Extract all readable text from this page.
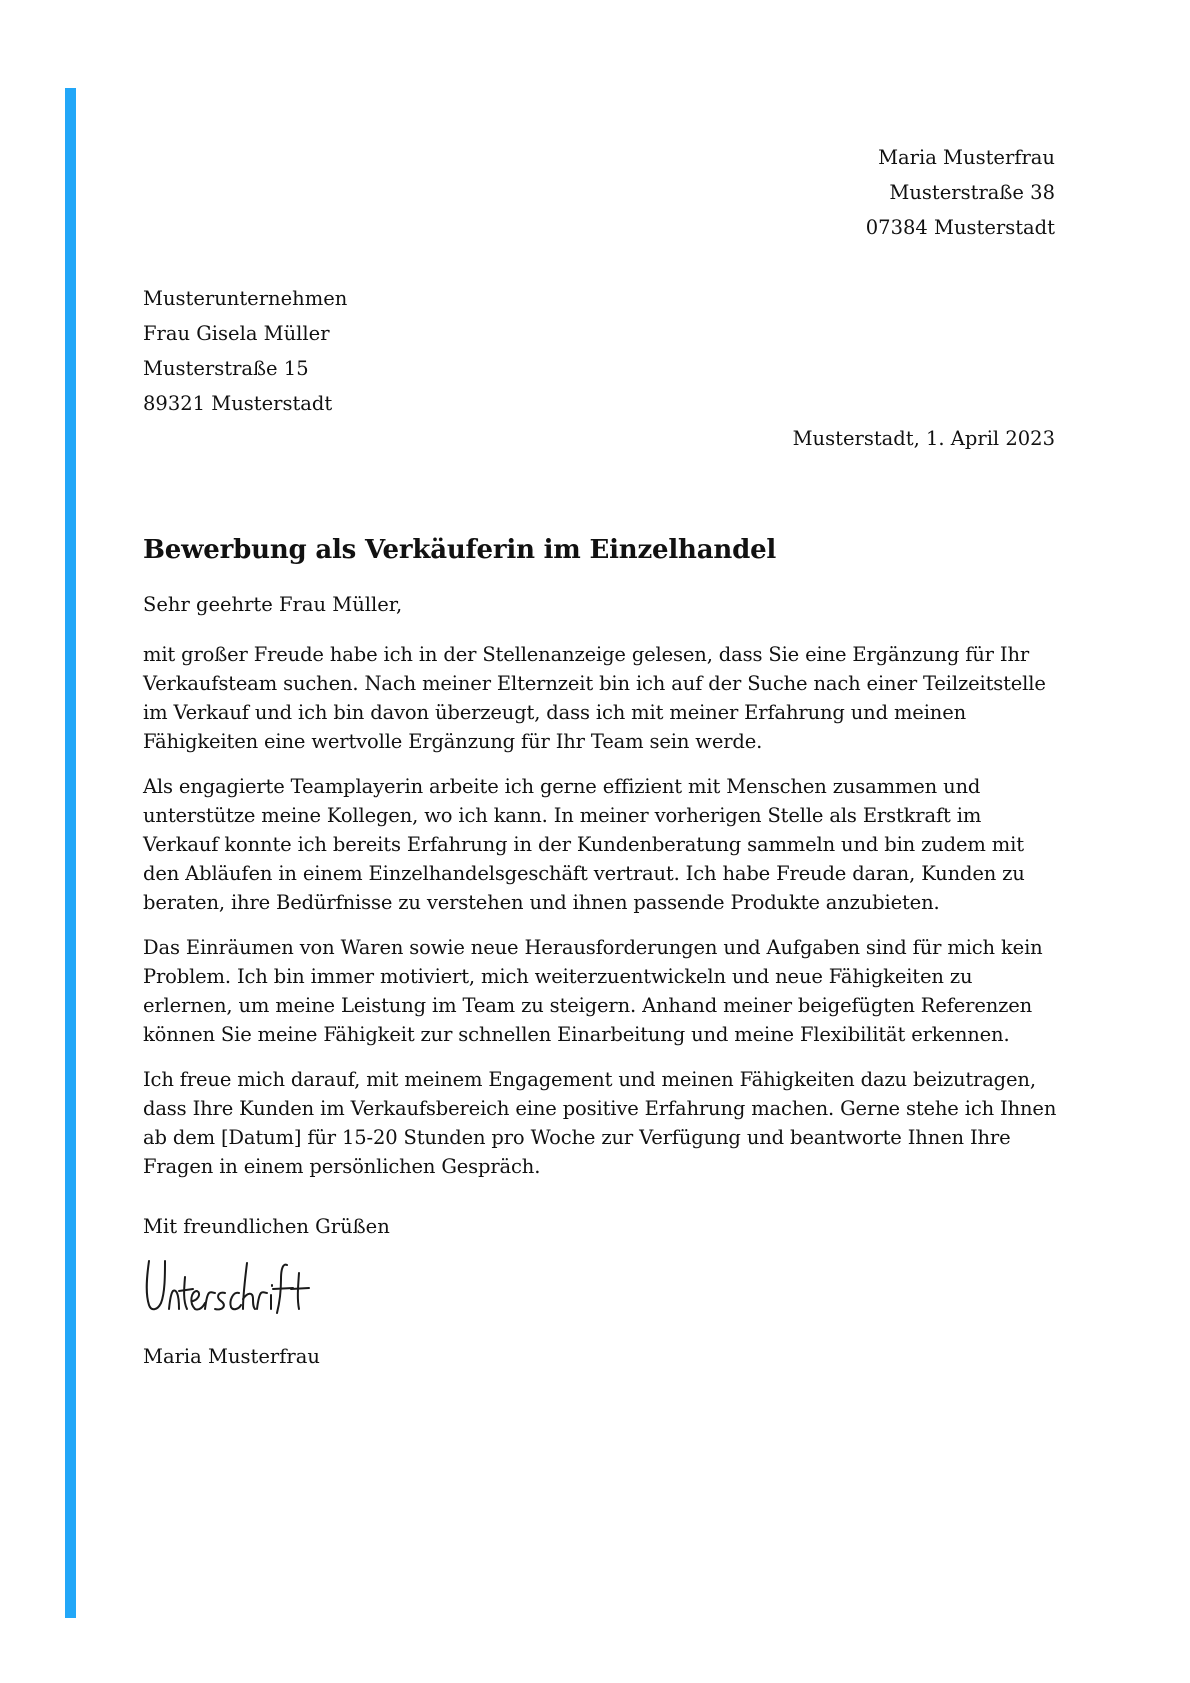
Maria Musterfrau
Musterstraße 38
07384 Musterstadt
Musterunternehmen
Frau Gisela Müller
Musterstraße 15
89321 Musterstadt
Musterstadt, 1. April 2023
Bewerbung als Verkäuferin im Einzelhandel

Sehr geehrte Frau Müller,

mit großer Freude habe ich in der Stellenanzeige gelesen, dass Sie eine Ergänzung für Ihr
Verkaufsteam suchen. Nach meiner Elternzeit bin ich auf der Suche nach einer Teilzeitstelle
im Verkauf und ich bin davon überzeugt, dass ich mit meiner Erfahrung und meinen
Fähigkeiten eine wertvolle Ergänzung für Ihr Team sein werde.

Als engagierte Teamplayerin arbeite ich gerne effizient mit Menschen zusammen und
unterstütze meine Kollegen, wo ich kann. In meiner vorherigen Stelle als Erstkraft im
Verkauf konnte ich bereits Erfahrung in der Kundenberatung sammeln und bin zudem mit
den Abläufen in einem Einzelhandelsgeschäft vertraut. Ich habe Freude daran, Kunden zu
beraten, ihre Bedürfnisse zu verstehen und ihnen passende Produkte anzubieten.

Das Einräumen von Waren sowie neue Herausforderungen und Aufgaben sind für mich kein
Problem. Ich bin immer motiviert, mich weiterzuentwickeln und neue Fähigkeiten zu
erlernen, um meine Leistung im Team zu steigern. Anhand meiner beigefügten Referenzen
können Sie meine Fähigkeit zur schnellen Einarbeitung und meine Flexibilität erkennen.

Ich freue mich darauf, mit meinem Engagement und meinen Fähigkeiten dazu beizutragen,
dass Ihre Kunden im Verkaufsbereich eine positive Erfahrung machen. Gerne stehe ich Ihnen
ab dem [Datum] für 15-20 Stunden pro Woche zur Verfügung und beantworte Ihnen Ihre
Fragen in einem persönlichen Gespräch.

Mit freundlichen Grüßen
Maria Musterfrau
